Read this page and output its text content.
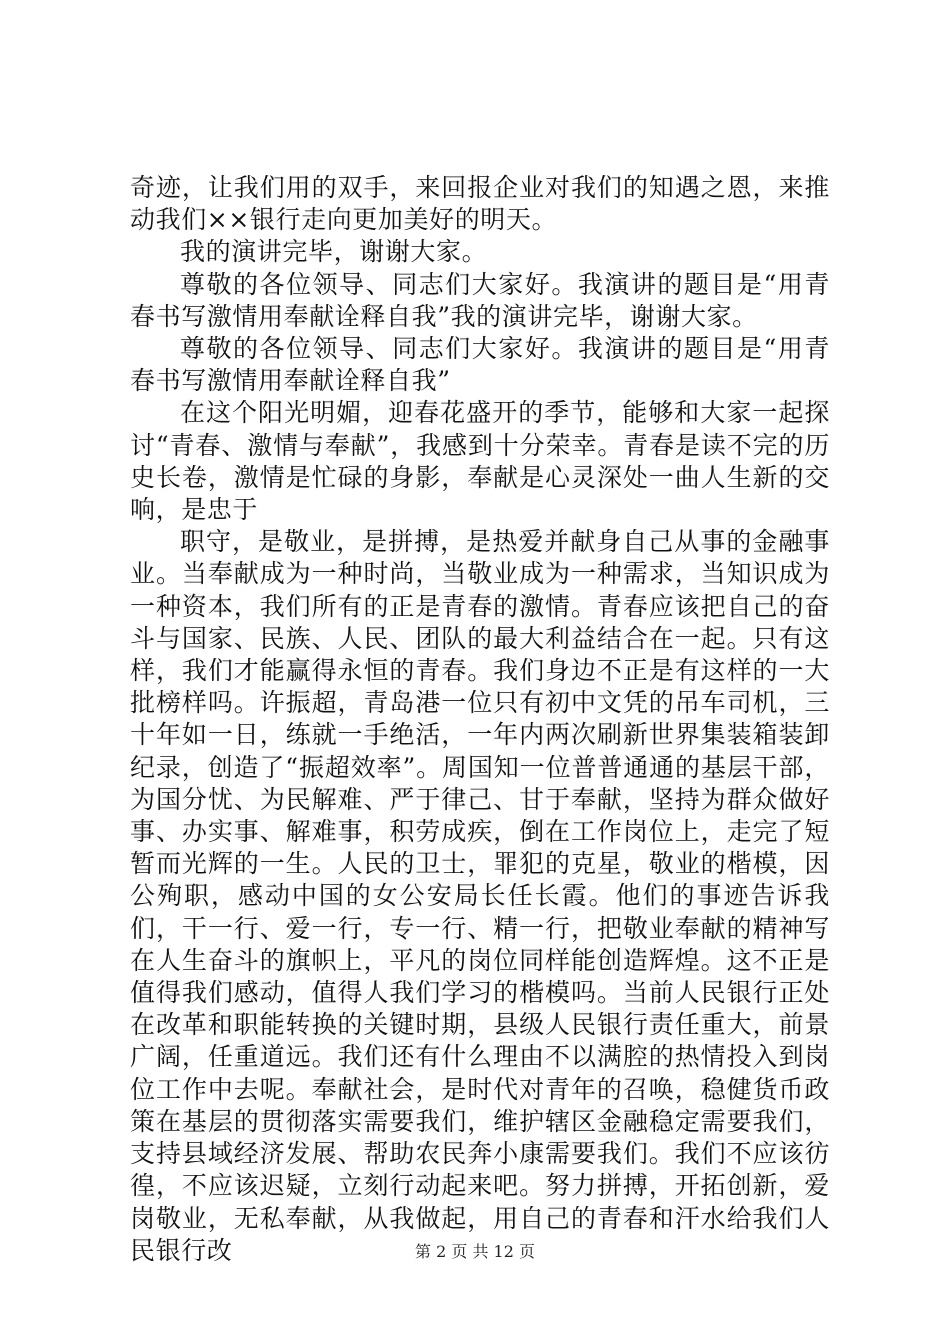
奇迹，让我们用的双手，来回报企业对我们的知遇之恩，来推动我们××银行走向更加美好的明天。

我的演讲完毕，谢谢大家。

尊敬的各位领导、同志们大家好。我演讲的题目是“用青春书写激情用奉献诠释自我”我的演讲完毕，谢谢大家。

尊敬的各位领导、同志们大家好。我演讲的题目是“用青春书写激情用奉献诠释自我”

在这个阳光明媚，迎春花盛开的季节，能够和大家一起探讨“青春、激情与奉献”，我感到十分荣幸。青春是读不完的历史长卷，激情是忙碌的身影，奉献是心灵深处一曲人生新的交响，是忠于

职守，是敬业，是拼搏，是热爱并献身自己从事的金融事业。当奉献成为一种时尚，当敬业成为一种需求，当知识成为一种资本，我们所有的正是青春的激情。青春应该把自己的奋斗与国家、民族、人民、团队的最大利益结合在一起。只有这样，我们才能赢得永恒的青春。我们身边不正是有这样的一大批榜样吗。许振超，青岛港一位只有初中文凭的吊车司机，三十年如一日，练就一手绝活，一年内两次刷新世界集装箱装卸纪录，创造了“振超效率”。周国知一位普普通通的基层干部，为国分忧、为民解难、严于律己、甘于奉献，坚持为群众做好事、办实事、解难事，积劳成疾，倒在工作岗位上，走完了短暂而光辉的一生。人民的卫士，罪犯的克星，敬业的楷模，因公殉职，感动中国的女公安局长任长霞。他们的事迹告诉我们，干一行、爱一行，专一行、精一行，把敬业奉献的精神写在人生奋斗的旗帜上，平凡的岗位同样能创造辉煌。这不正是值得我们感动，值得人我们学习的楷模吗。当前人民银行正处在改革和职能转换的关键时期，县级人民银行责任重大，前景广阔，任重道远。我们还有什么理由不以满腔的热情投入到岗位工作中去呢。奉献社会，是时代对青年的召唤，稳健货币政策在基层的贯彻落实需要我们，维护辖区金融稳定需要我们，支持县域经济发展、帮助农民奔小康需要我们。我们不应该彷徨，不应该迟疑，立刻行动起来吧。努力拼搏，开拓创新，爱岗敬业，无私奉献，从我做起，用自己的青春和汗水给我们人民银行改	第 2 页 共 12 页
